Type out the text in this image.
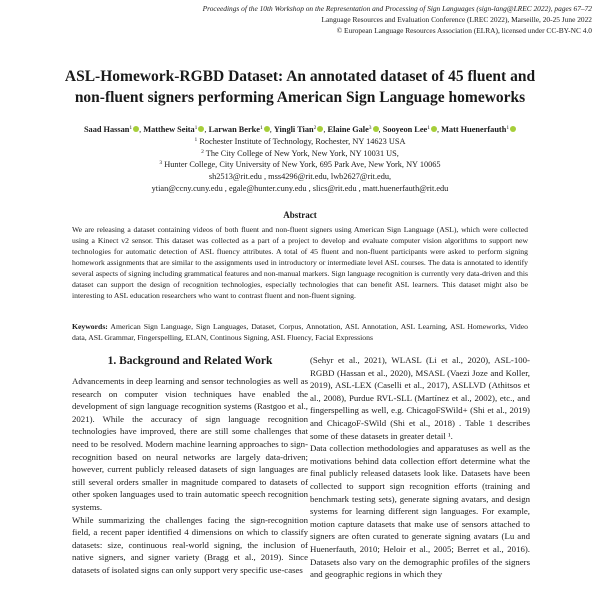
Proceedings of the 10th Workshop on the Representation and Processing of Sign Languages (sign-lang@LREC 2022), pages 67–72
Language Resources and Evaluation Conference (LREC 2022), Marseille, 20-25 June 2022
© European Language Resources Association (ELRA), licensed under CC-BY-NC 4.0
ASL-Homework-RGBD Dataset: An annotated dataset of 45 fluent and
non-fluent signers performing American Sign Language homeworks
Saad Hassan$^1$ , Matthew Seita$^1$ , Larwan Berke$^1$ , Yingli Tian$^2$ , Elaine Gale$^3$ , Sooyeon Lee$^1$ , Matt Huenerfauth$^1$
$^1$ Rochester Institute of Technology, Rochester, NY 14623 USA
$^2$ The City College of New York, New York, NY 10031 US,
$^3$ Hunter College, City University of New York, 695 Park Ave, New York, NY 10065
sh2513@rit.edu , mss4296@rit.edu, lwb2627@rit.edu,
ytian@ccny.cuny.edu , egale@hunter.cuny.edu , slics@rit.edu , matt.huenerfauth@rit.edu
Abstract
We are releasing a dataset containing videos of both fluent and non-fluent signers using American Sign Language (ASL), which were collected using a Kinect v2 sensor. This dataset was collected as a part of a project to develop and evaluate computer vision algorithms to support new technologies for automatic detection of ASL fluency attributes. A total of 45 fluent and non-fluent participants were asked to perform signing homework assignments that are similar to the assignments used in introductory or intermediate level ASL courses. The data is annotated to identify several aspects of signing including grammatical features and non-manual markers. Sign language recognition is currently very data-driven and this dataset can support the design of recognition technologies, especially technologies that can benefit ASL learners. This dataset might also be interesting to ASL education researchers who want to contrast fluent and non-fluent signing.
Keywords: American Sign Language, Sign Languages, Dataset, Corpus, Annotation, ASL Annotation, ASL Learning, ASL Homeworks, Video data, ASL Grammar, Fingerspelling, ELAN, Continous Signing, ASL Fluency, Facial Expressions
1. Background and Related Work

Advancements in deep learning and sensor technologies as well as research on computer vision techniques have enabled the development of sign language recognition systems (Rastgoo et al., 2021). While the accuracy of sign language recognition technologies have improved, there are still some challenges that need to be resolved. Modern machine learning approaches to sign-recognition based on neural networks are largely data-driven; however, current publicly released datasets of sign languages are still several orders smaller in magnitude compared to datasets of other spoken languages used to train automatic speech recognition systems.

While summarizing the challenges facing the sign-recognition field, a recent paper identified 4 dimensions on which to classify datasets: size, continuous real-world signing, the inclusion of native signers, and signer variety (Bragg et al., 2019). Since datasets of isolated signs can only support very specific use-cases

(Sehyr et al., 2021), WLASL (Li et al., 2020), ASL-100-RGBD (Hassan et al., 2020), MSASL (Vaezi Joze and Koller, 2019), ASL-LEX (Caselli et al., 2017), ASLLVD (Athitsos et al., 2008), Purdue RVL-SLL (Martínez et al., 2002), etc., and fingerspelling as well, e.g. ChicagoFSWild+ (Shi et al., 2019) and ChicagoF-SWild (Shi et al., 2018) . Table 1 describes some of these datasets in greater detail ¹.

Data collection methodologies and apparatuses as well as the motivations behind data collection effort determine what the final publicly released datasets look like. Datasets have been collected to support sign recognition efforts (training and benchmark testing sets), generate signing avatars, and design systems for learning different sign languages. For example, motion capture datasets that make use of sensors attached to signers are often curated to generate signing avatars (Lu and Huenerfauth, 2010; Heloir et al., 2005; Berret et al., 2016). Datasets also vary on the demographic profiles of the signers and geographic regions in which they
